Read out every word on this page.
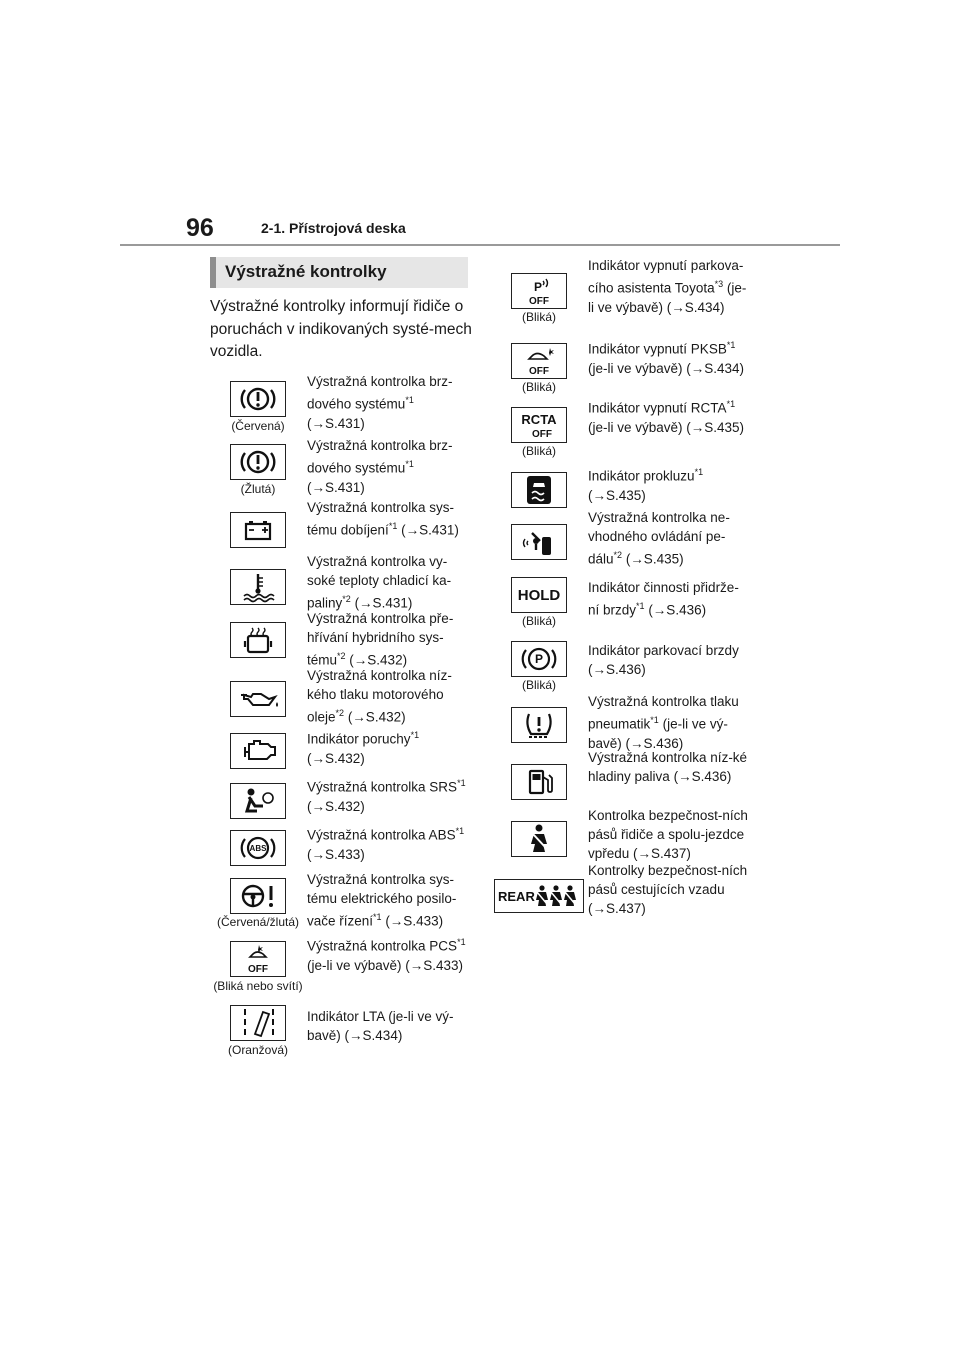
96	2-1. Přístrojová deska
Výstražné kontrolky
Výstražné kontrolky informují řidiče o poruchách v indikovaných systé-mech vozidla.
(Červená)
Výstražná kontrolka brz-dového systému$^{*1}$ (→S.431)
(Žlutá)
Výstražná kontrolka brz-dového systému$^{*1}$ (→S.431)
Výstražná kontrolka sys-tému dobíjení$^{*1}$ (→S.431)
Výstražná kontrolka vy-soké teploty chladicí ka-paliny$^{*2}$ (→S.431)
Výstražná kontrolka pře-hřívání hybridního sys-tému$^{*2}$ (→S.432)
Výstražná kontrolka níz-kého tlaku motorového oleje$^{*2}$ (→S.432)
Indikátor poruchy$^{*1}$ (→S.432)
Výstražná kontrolka SRS$^{*1}$ (→S.432)
ABS
Výstražná kontrolka ABS$^{*1}$ (→S.433)
(Červená/žlutá)
Výstražná kontrolka sys-tému elektrického posilo-vače řízení$^{*1}$ (→S.433)
OFF
(Bliká nebo svítí)
Výstražná kontrolka PCS$^{*1}$ (je-li ve výbavě) (→S.433)
(Oranžová)
Indikátor LTA (je-li ve vý-bavě) (→S.434)
P
OFF
(Bliká)
Indikátor vypnutí parkova-cího asistenta Toyota$^{*3}$ (je-li ve výbavě) (→S.434)
OFF
(Bliká)
Indikátor vypnutí PKSB$^{*1}$ (je-li ve výbavě) (→S.434)
RCTA
OFF
(Bliká)
Indikátor vypnutí RCTA$^{*1}$ (je-li ve výbavě) (→S.435)
Indikátor prokluzu$^{*1}$ (→S.435)
Výstražná kontrolka ne-vhodného ovládání pe-dálu$^{*2}$ (→S.435)
HOLD
(Bliká)
Indikátor činnosti přidrže-ní brzdy$^{*1}$ (→S.436)
P
(Bliká)
Indikátor parkovací brzdy (→S.436)
Výstražná kontrolka tlaku pneumatik$^{*1}$ (je-li ve vý-bavě) (→S.436)
Výstražná kontrolka níz-ké hladiny paliva (→S.436)
Kontrolka bezpečnost-ních pásů řidiče a spolu-jezdce vpředu (→S.437)
REAR
Kontrolky bezpečnost-ních pásů cestujících vzadu (→S.437)
